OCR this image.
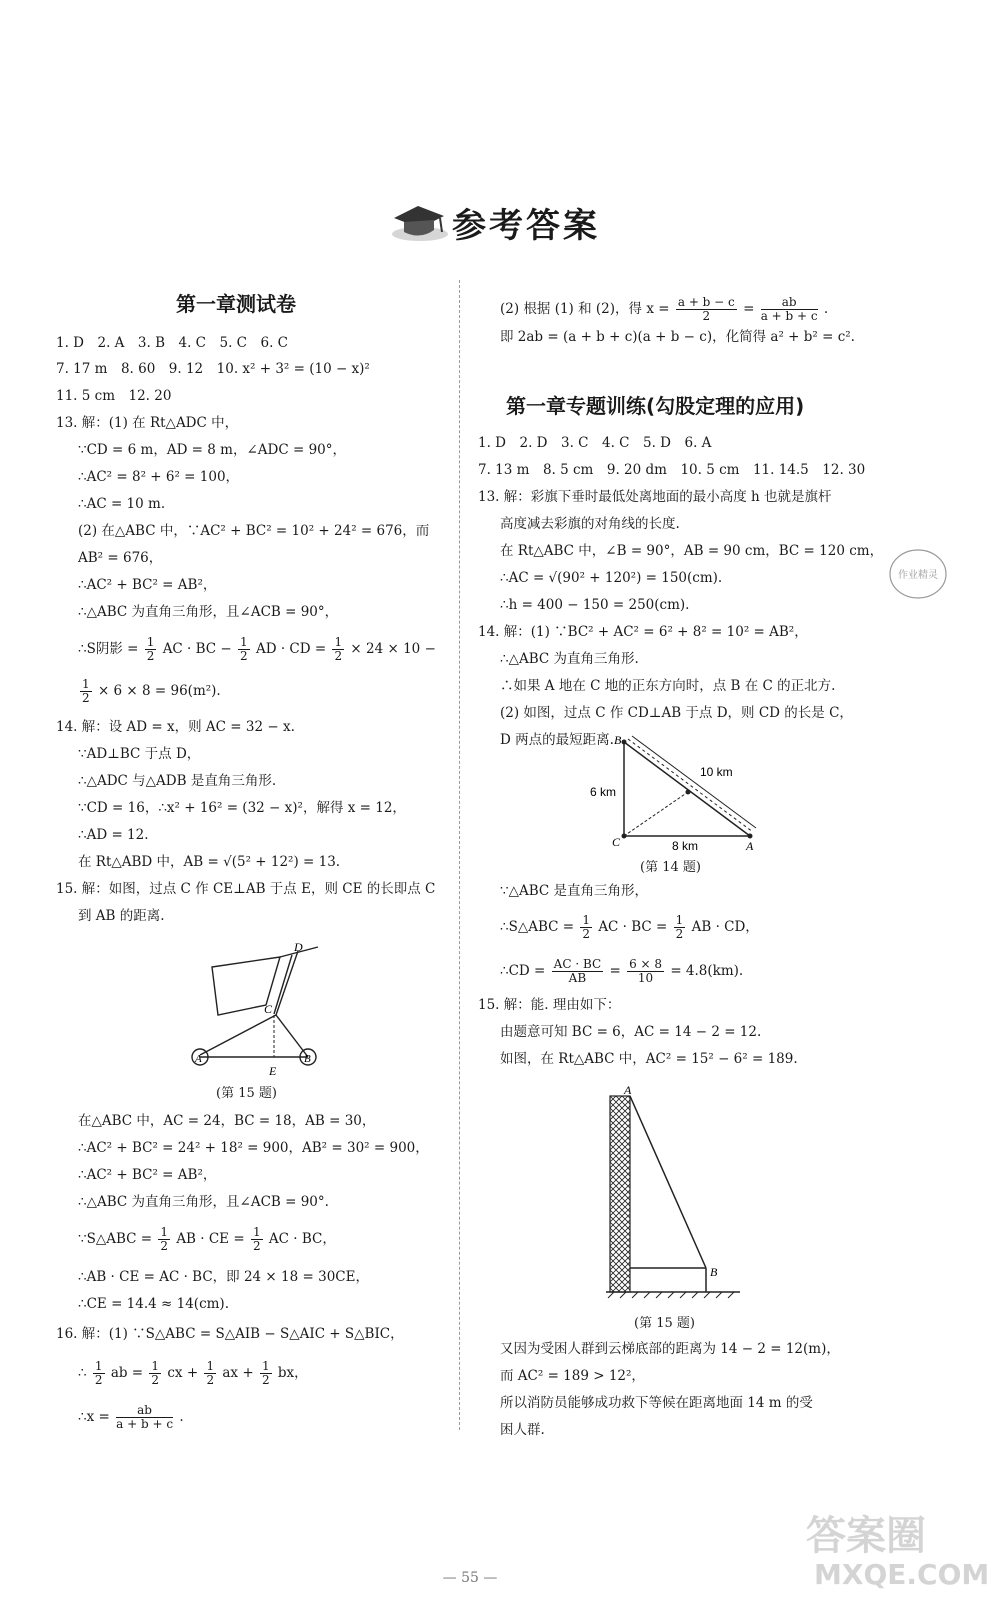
参考答案
第一章测试卷
1. D　2. A　3. B　4. C　5. C　6. C
7. 17 m　8. 60　9. 12　10. x² + 3² = (10 − x)²
11. 5 cm　12. 20
13. 解：(1) 在 Rt△ADC 中，
∵CD = 6 m，AD = 8 m，∠ADC = 90°，
∴AC² = 8² + 6² = 100，
∴AC = 10 m.
(2) 在△ABC 中，∵AC² + BC² = 10² + 24² = 676，而
AB² = 676，
∴AC² + BC² = AB²，
∴△ABC 为直角三角形，且∠ACB = 90°，
∴S阴影 = $\frac{1}{2}$ AC · BC − $\frac{1}{2}$ AD · CD = $\frac{1}{2} \times 24 \times 10$ −
$\frac{1}{2} \times 6 \times 8 = 96(m^2)$.
14. 解：设 AD = x，则 AC = 32 − x.
∵AD⊥BC 于点 D，
∴△ADC 与△ADB 是直角三角形.
∵CD = 16，∴x² + 16² = (32 − x)²，解得 x = 12，
∴AD = 12.
在 Rt△ABD 中，AB = √(5² + 12²) = 13.
15. 解：如图，过点 C 作 CE⊥AB 于点 E，则 CE 的长即点 C
到 AB 的距离.
D
C
A	B
E
(第 15 题)
在△ABC 中，AC = 24，BC = 18，AB = 30，
∴AC² + BC² = 24² + 18² = 900，AB² = 30² = 900，
∴AC² + BC² = AB²，
∴△ABC 为直角三角形，且∠ACB = 90°.
∵S△ABC = $\frac{1}{2}$ AB · CE = $\frac{1}{2}$ AC · BC，
∴AB · CE = AC · BC，即 24 × 18 = 30CE，
∴CE = 14.4 ≈ 14(cm).
16. 解：(1) ∵S△ABC = S△AIB − S△AIC + S△BIC，
∴ $\frac{1}{2}$ ab = $\frac{1}{2}$ cx + $\frac{1}{2}$ ax + $\frac{1}{2}$ bx，
∴x = $\frac{ab}{a + b + c}$ .
(2) 根据 (1) 和 (2)，得 $x = \frac{a + b - c}{2} = \frac{ab}{a + b + c}$ .
即 2ab = (a + b + c)(a + b − c)，化简得 a² + b² = c².
第一章专题训练(勾股定理的应用)
1. D　2. D　3. C　4. C　5. D　6. A
7. 13 m　8. 5 cm　9. 20 dm　10. 5 cm　11. 14.5　12. 30
13. 解：彩旗下垂时最低处离地面的最小高度 h 也就是旗杆
高度减去彩旗的对角线的长度.
在 Rt△ABC 中，∠B = 90°，AB = 90 cm，BC = 120 cm，
∴AC = √(90² + 120²) = 150(cm).
∴h = 400 − 150 = 250(cm).
14. 解：(1) ∵BC² + AC² = 6² + 8² = 10² = AB²，
∴△ABC 为直角三角形.
∴如果 A 地在 C 地的正东方向时，点 B 在 C 的正北方.
(2) 如图，过点 C 作 CD⊥AB 于点 D，则 CD 的长是 C，
D 两点的最短距离. B
C	A
6 km
8 km
10 km
(第 14 题)
∵△ABC 是直角三角形，
∴S△ABC = $\frac{1}{2}$ AC · BC = $\frac{1}{2}$ AB · CD，
∴CD = $\frac{AC \cdot BC}{AB} = \frac{6 \times 8}{10} = 4.8(km)$.
15. 解：能. 理由如下：
由题意可知 BC = 6，AC = 14 − 2 = 12.
如图，在 Rt△ABC 中，AC² = 15² − 6² = 189.
A
B
(第 15 题)
又因为受困人群到云梯底部的距离为 14 − 2 = 12(m)，
而 AC² = 189 > 12²，
所以消防员能够成功救下等候在距离地面 14 m 的受
困人群.
作业精灵
— 55 —
答案圈
MXQE.COM
